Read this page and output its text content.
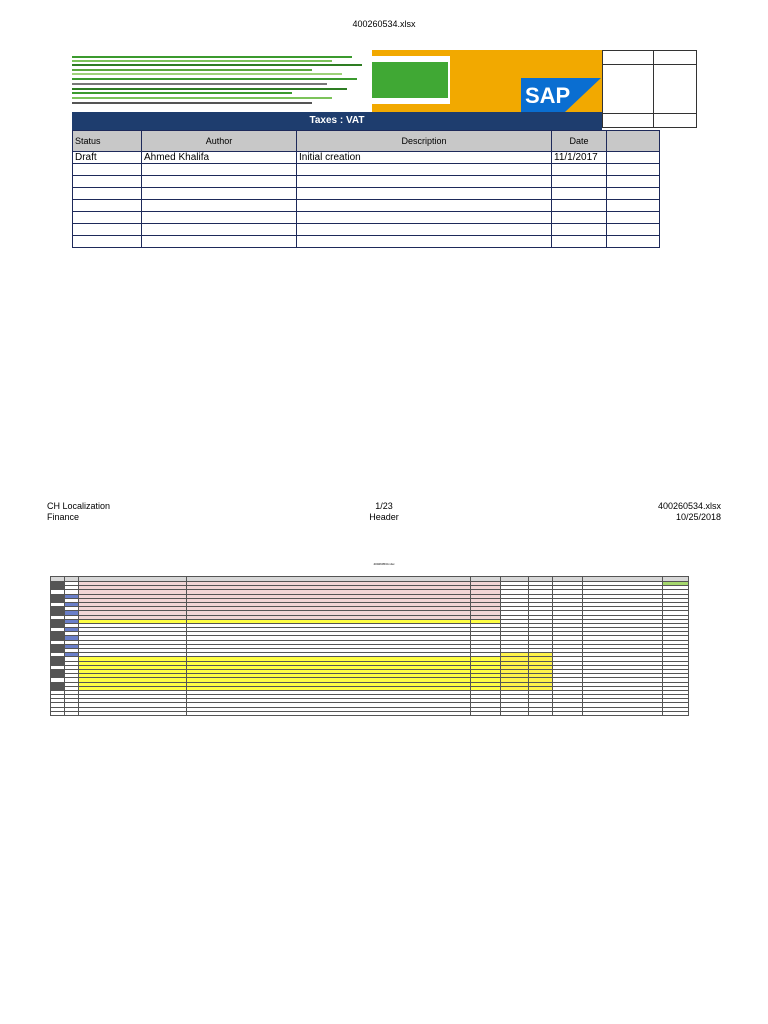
400260534.xlsx
SAP

Taxes : VAT
Status	Author	Description	Date	
Draft	Ahmed Khalifa	Initial creation	11/1/2017	

CH Localization
Finance
1/23
Header
400260534.xlsx
10/25/2018
400260534.xlsx
